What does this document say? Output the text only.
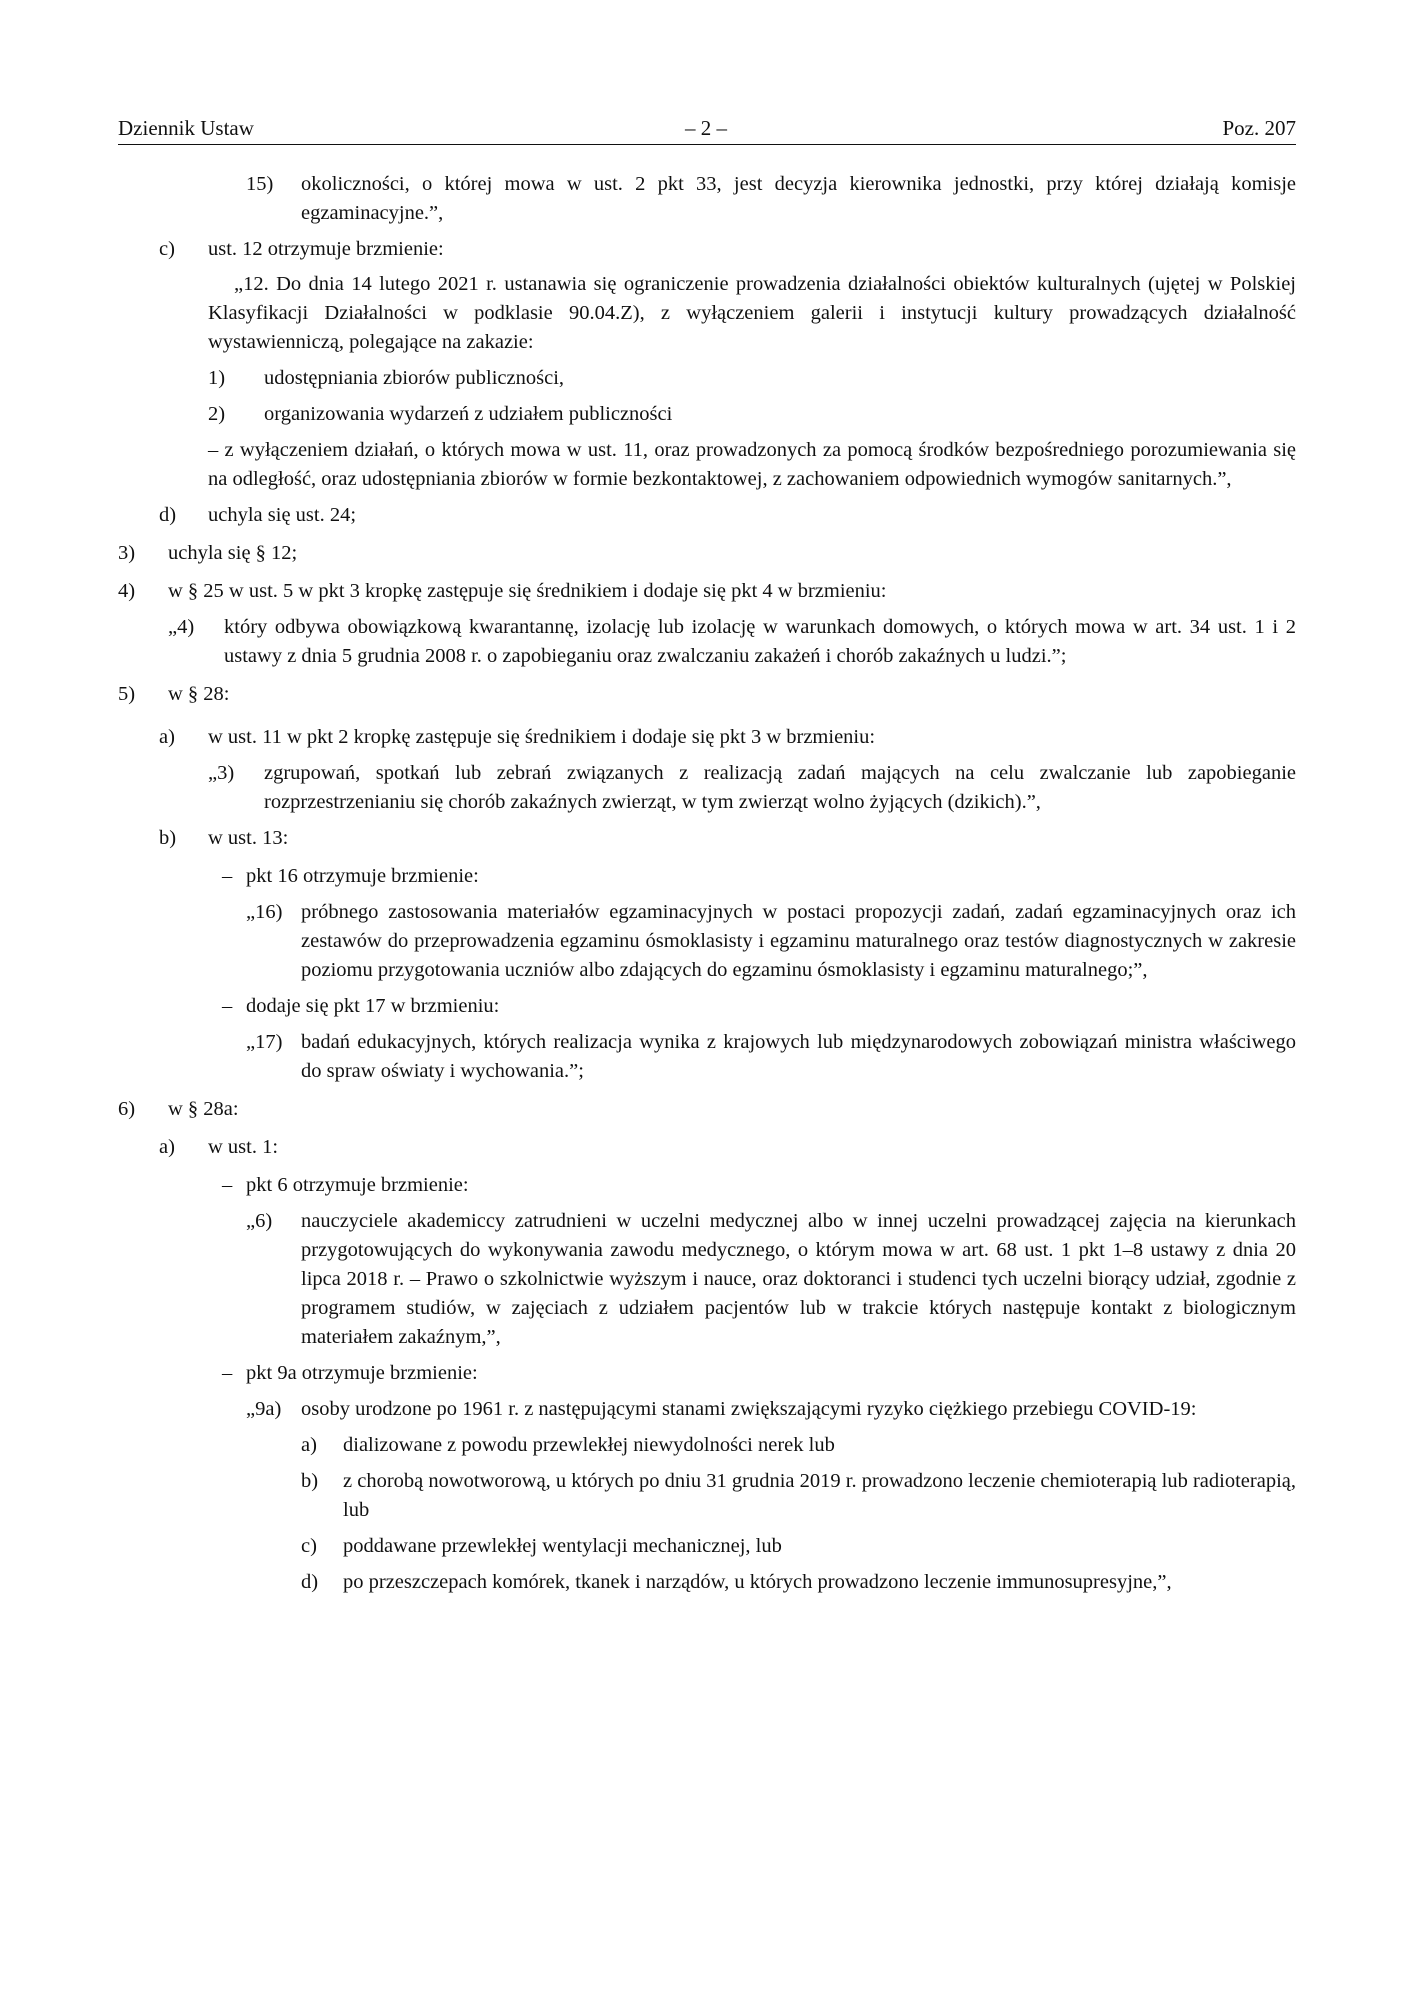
Dziennik Ustaw	– 2 –	Poz. 207
15)	okoliczności, o której mowa w ust. 2 pkt 33, jest decyzja kierownika jednostki, przy której działają komisje egzaminacyjne.”,
c)	ust. 12 otrzymuje brzmienie:
„12. Do dnia 14 lutego 2021 r. ustanawia się ograniczenie prowadzenia działalności obiektów kulturalnych (ujętej w Polskiej Klasyfikacji Działalności w podklasie 90.04.Z), z wyłączeniem galerii i instytucji kultury prowadzących działalność wystawienniczą, polegające na zakazie:
1)	udostępniania zbiorów publiczności,
2)	organizowania wydarzeń z udziałem publiczności
– z wyłączeniem działań, o których mowa w ust. 11, oraz prowadzonych za pomocą środków bezpośredniego porozumiewania się na odległość, oraz udostępniania zbiorów w formie bezkontaktowej, z zachowaniem odpowiednich wymogów sanitarnych.”,
d)	uchyla się ust. 24;
3)	uchyla się § 12;
4)	w § 25 w ust. 5 w pkt 3 kropkę zastępuje się średnikiem i dodaje się pkt 4 w brzmieniu:
„4)	który odbywa obowiązkową kwarantannę, izolację lub izolację w warunkach domowych, o których mowa w art. 34 ust. 1 i 2 ustawy z dnia 5 grudnia 2008 r. o zapobieganiu oraz zwalczaniu zakażeń i chorób zakaźnych u ludzi.”;
5)	w § 28:
a)	w ust. 11 w pkt 2 kropkę zastępuje się średnikiem i dodaje się pkt 3 w brzmieniu:
„3)	zgrupowań, spotkań lub zebrań związanych z realizacją zadań mających na celu zwalczanie lub zapobieganie rozprzestrzenianiu się chorób zakaźnych zwierząt, w tym zwierząt wolno żyjących (dzikich).”,
b)	w ust. 13:
– pkt 16 otrzymuje brzmienie:
„16) próbnego zastosowania materiałów egzaminacyjnych w postaci propozycji zadań, zadań egzaminacyjnych oraz ich zestawów do przeprowadzenia egzaminu ósmoklasisty i egzaminu maturalnego oraz testów diagnostycznych w zakresie poziomu przygotowania uczniów albo zdających do egzaminu ósmoklasisty i egzaminu maturalnego;”,
– dodaje się pkt 17 w brzmieniu:
„17) badań edukacyjnych, których realizacja wynika z krajowych lub międzynarodowych zobowiązań ministra właściwego do spraw oświaty i wychowania.”;
6)	w § 28a:
a)	w ust. 1:
– pkt 6 otrzymuje brzmienie:
„6)	nauczyciele akademiccy zatrudnieni w uczelni medycznej albo w innej uczelni prowadzącej zajęcia na kierunkach przygotowujących do wykonywania zawodu medycznego, o którym mowa w art. 68 ust. 1 pkt 1–8 ustawy z dnia 20 lipca 2018 r. – Prawo o szkolnictwie wyższym i nauce, oraz doktoranci i studenci tych uczelni biorący udział, zgodnie z programem studiów, w zajęciach z udziałem pacjentów lub w trakcie których następuje kontakt z biologicznym materiałem zakaźnym,”,
– pkt 9a otrzymuje brzmienie:
„9a) osoby urodzone po 1961 r. z następującymi stanami zwiększającymi ryzyko ciężkiego przebiegu COVID-19:
a)	dializowane z powodu przewlekłej niewydolności nerek lub
b)	z chorobą nowotworową, u których po dniu 31 grudnia 2019 r. prowadzono leczenie chemioterapią lub radioterapią, lub
c)	poddawane przewlekłej wentylacji mechanicznej, lub
d)	po przeszczepach komórek, tkanek i narządów, u których prowadzono leczenie immunosupresyjne,”,
